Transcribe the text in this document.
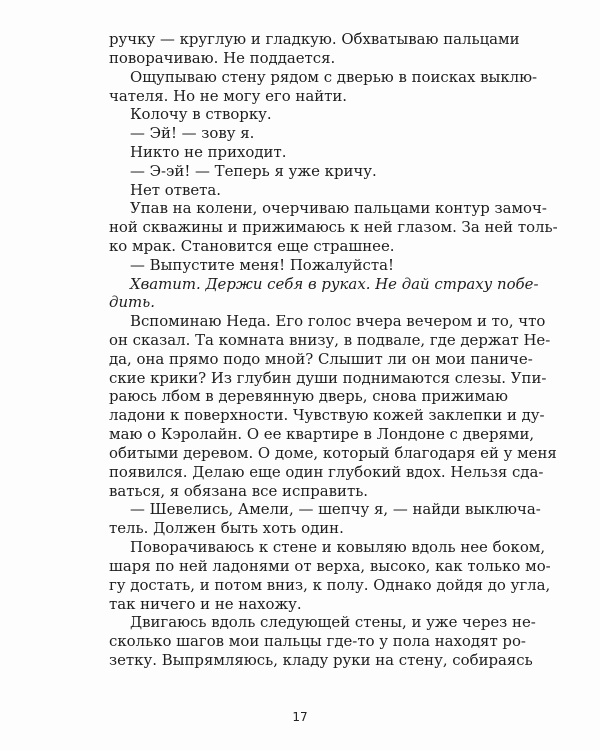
ручку — круглую и гладкую. Обхватываю пальцами
поворачиваю. Не поддается.
Ощупываю стену рядом с дверью в поисках выклю-
чателя. Но не могу его найти.
Колочу в створку.
— Эй! — зову я.
Никто не приходит.
— Э-эй! — Теперь я уже кричу.
Нет ответа.
Упав на колени, очерчиваю пальцами контур замоч-
ной скважины и прижимаюсь к ней глазом. За ней толь-
ко мрак. Становится еще страшнее.
— Выпустите меня! Пожалуйста!
Хватит. Держи себя в руках. Не дай страху побе-
дить.
Вспоминаю Неда. Его голос вчера вечером и то, что
он сказал. Та комната внизу, в подвале, где держат Не-
да, она прямо подо мной? Слышит ли он мои паниче-
ские крики? Из глубин души поднимаются слезы. Упи-
раюсь лбом в деревянную дверь, снова прижимаю
ладони к поверхности. Чувствую кожей заклепки и ду-
маю о Кэролайн. О ее квартире в Лондоне с дверями,
обитыми деревом. О доме, который благодаря ей у меня
появился. Делаю еще один глубокий вдох. Нельзя сда-
ваться, я обязана все исправить.
— Шевелись, Амели, — шепчу я, — найди выключа-
тель. Должен быть хоть один.
Поворачиваюсь к стене и ковыляю вдоль нее боком,
шаря по ней ладонями от верха, высоко, как только мо-
гу достать, и потом вниз, к полу. Однако дойдя до угла,
так ничего и не нахожу.
Двигаюсь вдоль следующей стены, и уже через не-
сколько шагов мои пальцы где-то у пола находят ро-
зетку. Выпрямляюсь, кладу руки на стену, собираясь
17
